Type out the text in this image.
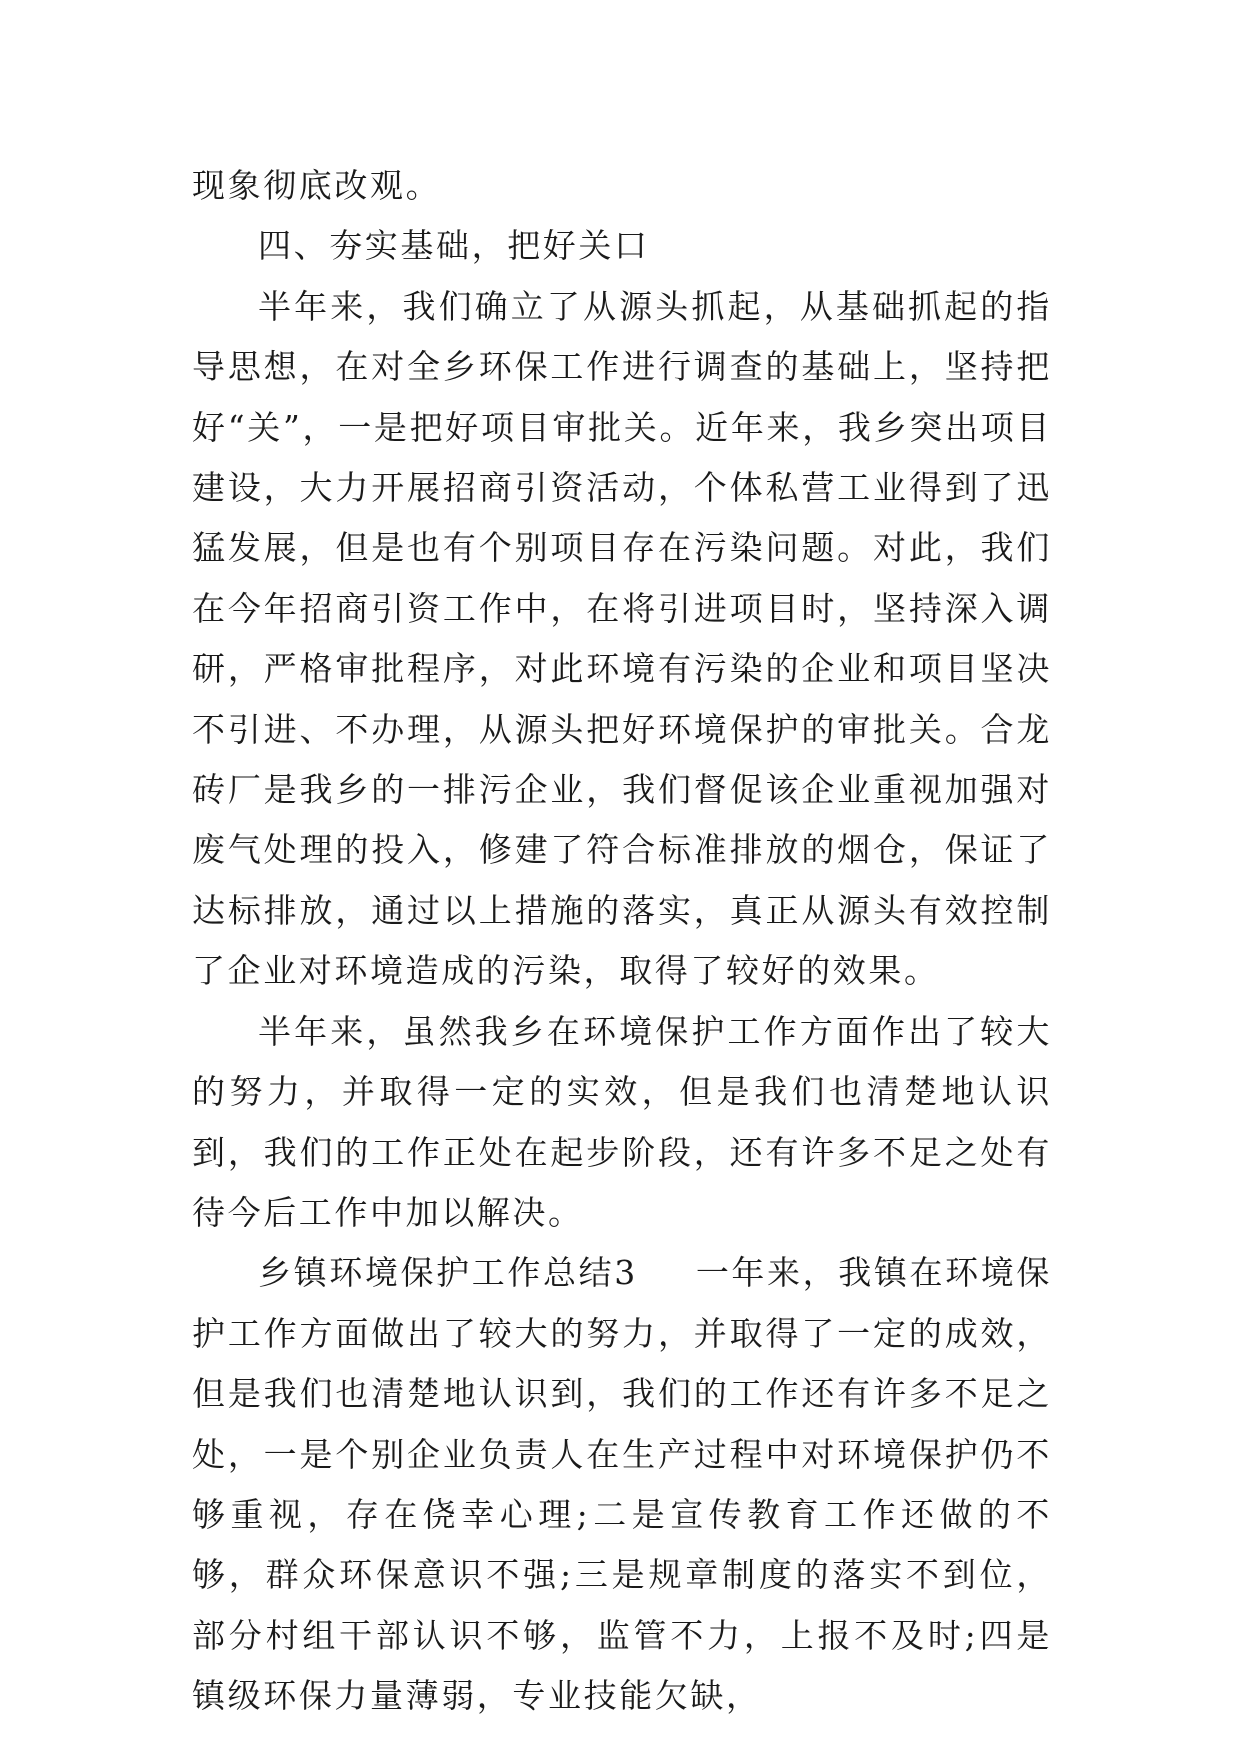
现象彻底改观。

四、夯实基础，把好关口

半年来，我们确立了从源头抓起，从基础抓起的指导思想，在对全乡环保工作进行调查的基础上，坚持把好“关”，一是把好项目审批关。近年来，我乡突出项目建设，大力开展招商引资活动，个体私营工业得到了迅猛发展，但是也有个别项目存在污染问题。对此，我们在今年招商引资工作中，在将引进项目时，坚持深入调研，严格审批程序，对此环境有污染的企业和项目坚决不引进、不办理，从源头把好环境保护的审批关。合龙砖厂是我乡的一排污企业，我们督促该企业重视加强对废气处理的投入，修建了符合标准排放的烟仓，保证了达标排放，通过以上措施的落实，真正从源头有效控制了企业对环境造成的污染，取得了较好的效果。

半年来，虽然我乡在环境保护工作方面作出了较大的努力，并取得一定的实效，但是我们也清楚地认识到，我们的工作正处在起步阶段，还有许多不足之处有待今后工作中加以解决。

乡镇环境保护工作总结3 一年来，我镇在环境保护工作方面做出了较大的努力，并取得了一定的成效，但是我们也清楚地认识到，我们的工作还有许多不足之处，一是个别企业负责人在生产过程中对环境保护仍不够重视，存在侥幸心理;二是宣传教育工作还做的不够，群众环保意识不强;三是规章制度的落实不到位，部分村组干部认识不够，监管不力，上报不及时;四是镇级环保力量薄弱，专业技能欠缺，
